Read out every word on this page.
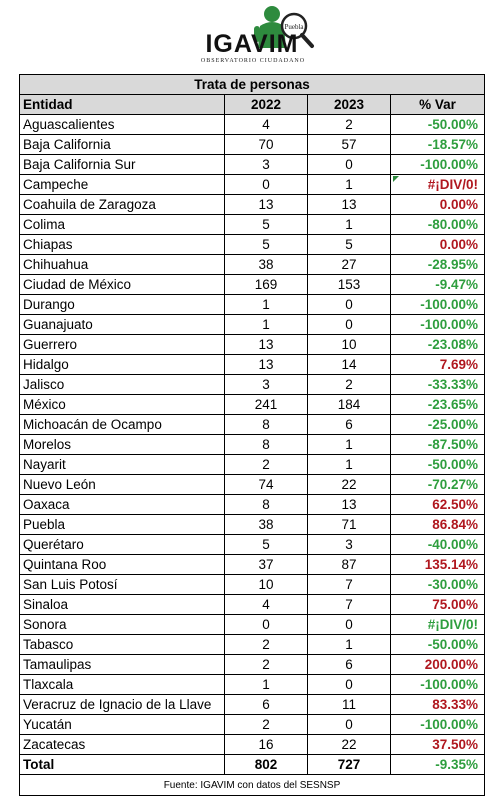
Puebla
IGAVIM
OBSERVATORIO CIUDADANO
Trata de personas			
Entidad	2022	2023	% Var
Aguascalientes	4	2	-50.00%
Baja California	70	57	-18.57%
Baja California Sur	3	0	-100.00%
Campeche	0	1	#¡DIV/0!

Coahuila de Zaragoza	13	13	0.00%
Colima	5	1	-80.00%
Chiapas	5	5	0.00%
Chihuahua	38	27	-28.95%
Ciudad de México	169	153	-9.47%
Durango	1	0	-100.00%
Guanajuato	1	0	-100.00%
Guerrero	13	10	-23.08%
Hidalgo	13	14	7.69%
Jalisco	3	2	-33.33%
México	241	184	-23.65%
Michoacán de Ocampo	8	6	-25.00%
Morelos	8	1	-87.50%
Nayarit	2	1	-50.00%
Nuevo León	74	22	-70.27%
Oaxaca	8	13	62.50%
Puebla	38	71	86.84%
Querétaro	5	3	-40.00%
Quintana Roo	37	87	135.14%
San Luis Potosí	10	7	-30.00%
Sinaloa	4	7	75.00%
Sonora	0	0	#¡DIV/0!
Tabasco	2	1	-50.00%
Tamaulipas	2	6	200.00%
Tlaxcala	1	0	-100.00%
Veracruz de Ignacio de la Llave	6	11	83.33%
Yucatán	2	0	-100.00%
Zacatecas	16	22	37.50%
Total	802	727	-9.35%
Fuente: IGAVIM con datos del SESNSP			
